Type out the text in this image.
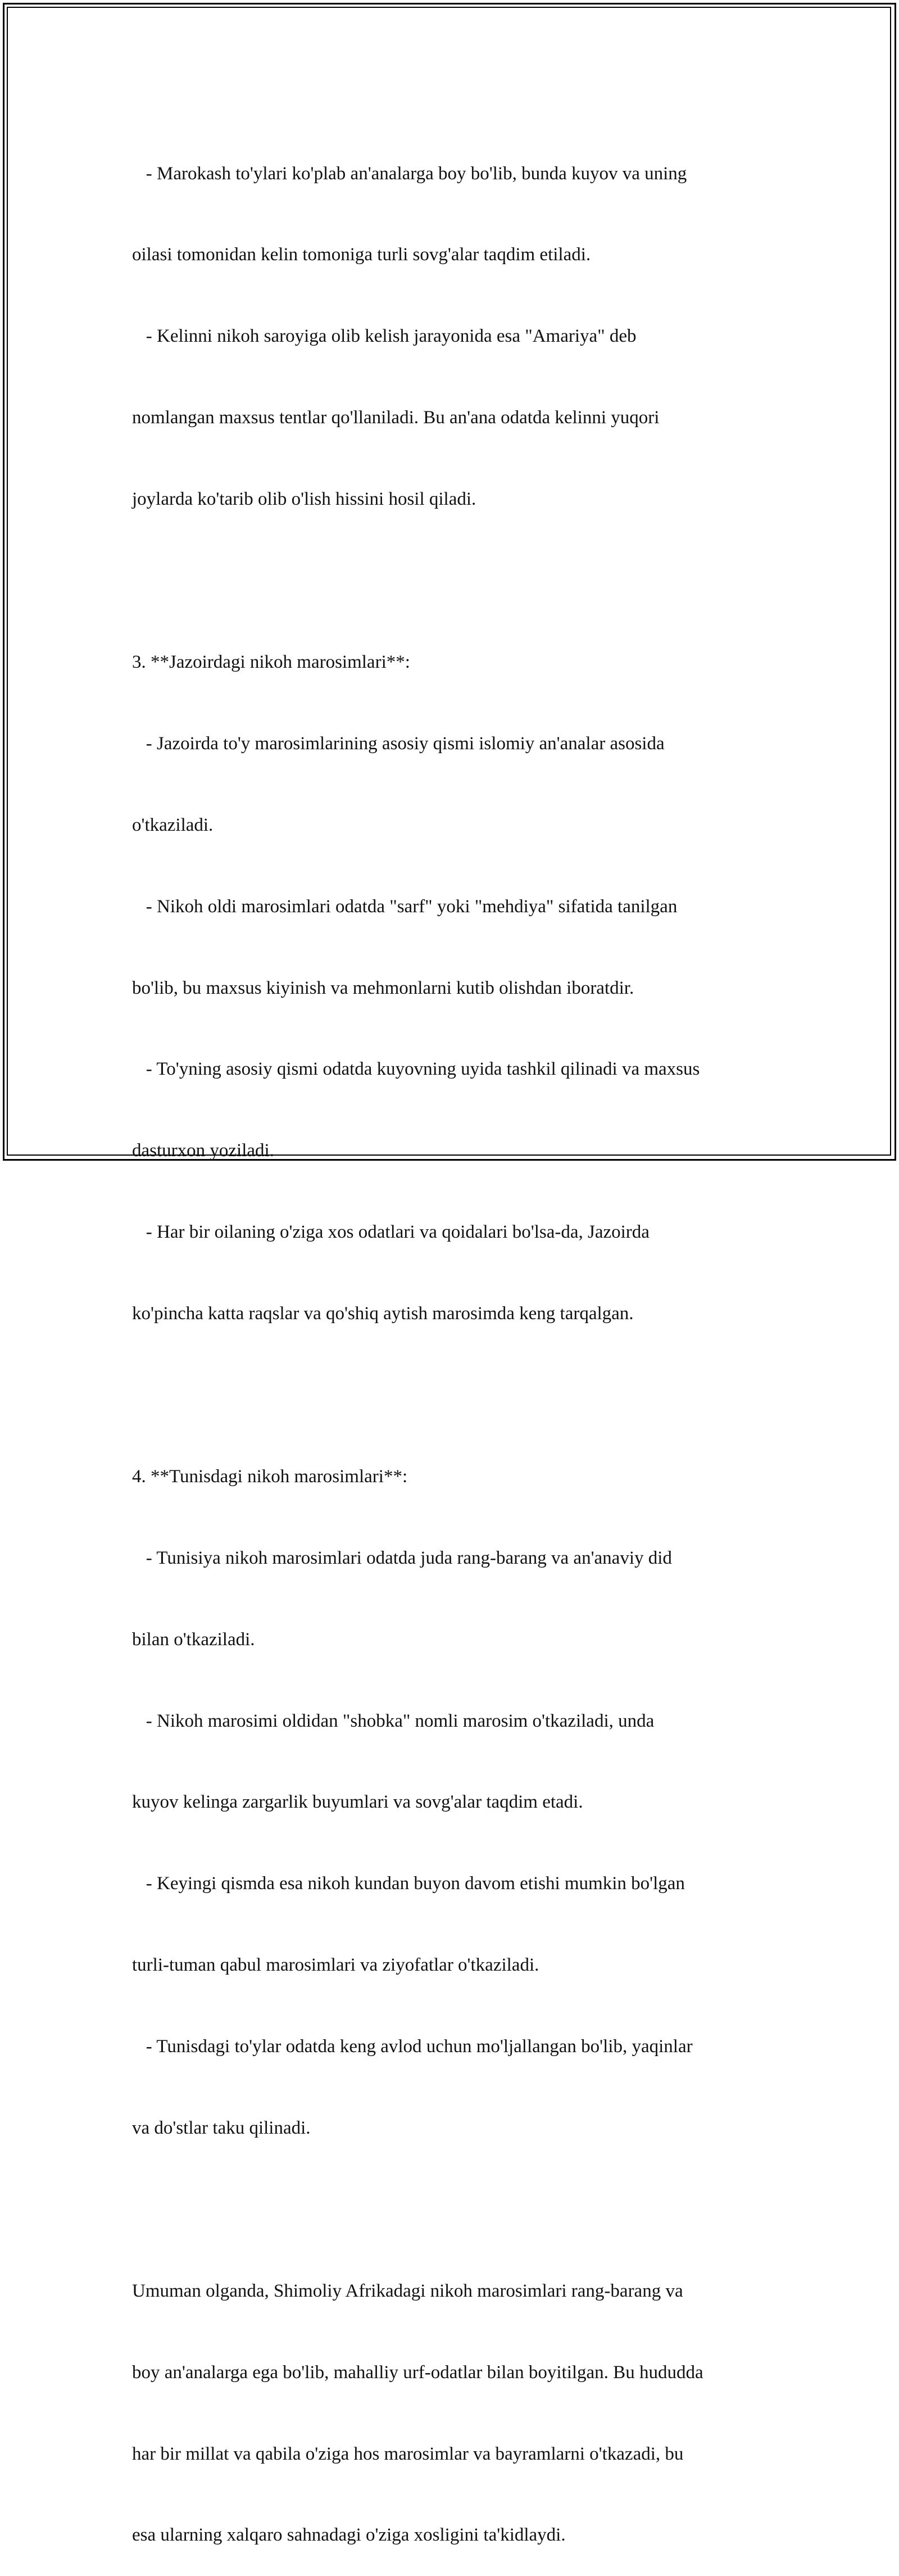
- Marokash to'ylari ko'plab an'analarga boy bo'lib, bunda kuyov va uning

oilasi tomonidan kelin tomoniga turli sovg'alar taqdim etiladi.

- Kelinni nikoh saroyiga olib kelish jarayonida esa "Amariya" deb

nomlangan maxsus tentlar qo'llaniladi. Bu an'ana odatda kelinni yuqori

joylarda ko'tarib olib o'lish hissini hosil qiladi.

3. **Jazoirdagi nikoh marosimlari**:

- Jazoirda to'y marosimlarining asosiy qismi islomiy an'analar asosida

o'tkaziladi.

- Nikoh oldi marosimlari odatda "sarf" yoki "mehdiya" sifatida tanilgan

bo'lib, bu maxsus kiyinish va mehmonlarni kutib olishdan iboratdir.

- To'yning asosiy qismi odatda kuyovning uyida tashkil qilinadi va maxsus

dasturxon yoziladi.

- Har bir oilaning o'ziga xos odatlari va qoidalari bo'lsa-da, Jazoirda

ko'pincha katta raqslar va qo'shiq aytish marosimda keng tarqalgan.

4. **Tunisdagi nikoh marosimlari**:

- Tunisiya nikoh marosimlari odatda juda rang-barang va an'anaviy did

bilan o'tkaziladi.

- Nikoh marosimi oldidan "shobka" nomli marosim o'tkaziladi, unda

kuyov kelinga zargarlik buyumlari va sovg'alar taqdim etadi.

- Keyingi qismda esa nikoh kundan buyon davom etishi mumkin bo'lgan

turli-tuman qabul marosimlari va ziyofatlar o'tkaziladi.

- Tunisdagi to'ylar odatda keng avlod uchun mo'ljallangan bo'lib, yaqinlar

va do'stlar taku qilinadi.

Umuman olganda, Shimoliy Afrikadagi nikoh marosimlari rang-barang va

boy an'analarga ega bo'lib, mahalliy urf-odatlar bilan boyitilgan. Bu hududda

har bir millat va qabila o'ziga hos marosimlar va bayramlarni o'tkazadi, bu

esa ularning xalqaro sahnadagi o'ziga xosligini ta'kidlaydi.
